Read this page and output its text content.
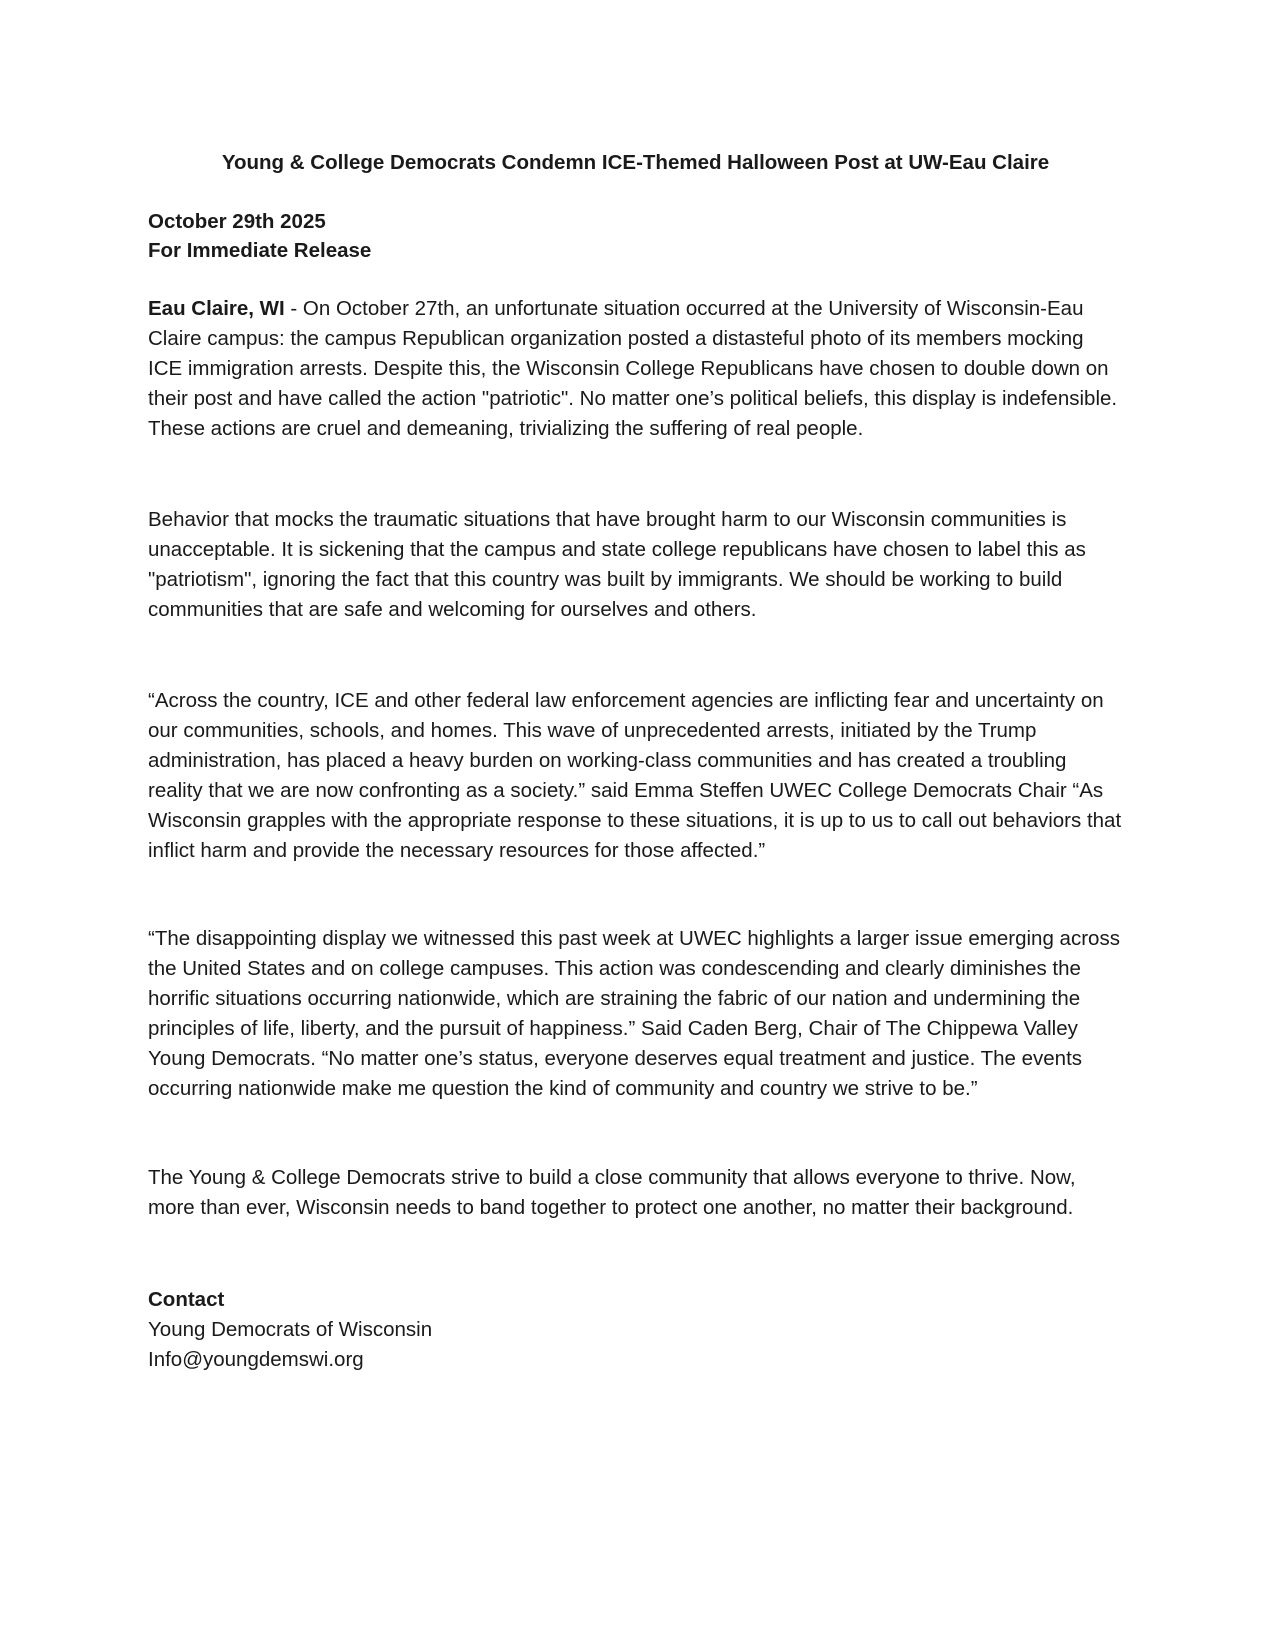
Young & College Democrats Condemn ICE-Themed Halloween Post at UW-Eau Claire
October 29th 2025
For Immediate Release

Eau Claire, WI - On October 27th, an unfortunate situation occurred at the University of Wisconsin-Eau Claire campus: the campus Republican organization posted a distasteful photo of its members mocking ICE immigration arrests. Despite this, the Wisconsin College Republicans have chosen to double down on their post and have called the action "patriotic". No matter one’s political beliefs, this display is indefensible. These actions are cruel and demeaning, trivializing the suffering of real people.

Behavior that mocks the traumatic situations that have brought harm to our Wisconsin communities is unacceptable. It is sickening that the campus and state college republicans have chosen to label this as "patriotism", ignoring the fact that this country was built by immigrants. We should be working to build communities that are safe and welcoming for ourselves and others.

“Across the country, ICE and other federal law enforcement agencies are inflicting fear and uncertainty on our communities, schools, and homes. This wave of unprecedented arrests, initiated by the Trump administration, has placed a heavy burden on working-class communities and has created a troubling reality that we are now confronting as a society.” said Emma Steffen UWEC College Democrats Chair “As Wisconsin grapples with the appropriate response to these situations, it is up to us to call out behaviors that inflict harm and provide the necessary resources for those affected.”

“The disappointing display we witnessed this past week at UWEC highlights a larger issue emerging across the United States and on college campuses. This action was condescending and clearly diminishes the horrific situations occurring nationwide, which are straining the fabric of our nation and undermining the principles of life, liberty, and the pursuit of happiness.” Said Caden Berg, Chair of The Chippewa Valley Young Democrats. “No matter one’s status, everyone deserves equal treatment and justice. The events occurring nationwide make me question the kind of community and country we strive to be.”

The Young & College Democrats strive to build a close community that allows everyone to thrive. Now, more than ever, Wisconsin needs to band together to protect one another, no matter their background.

Contact
Young Democrats of Wisconsin
Info@youngdemswi.org
